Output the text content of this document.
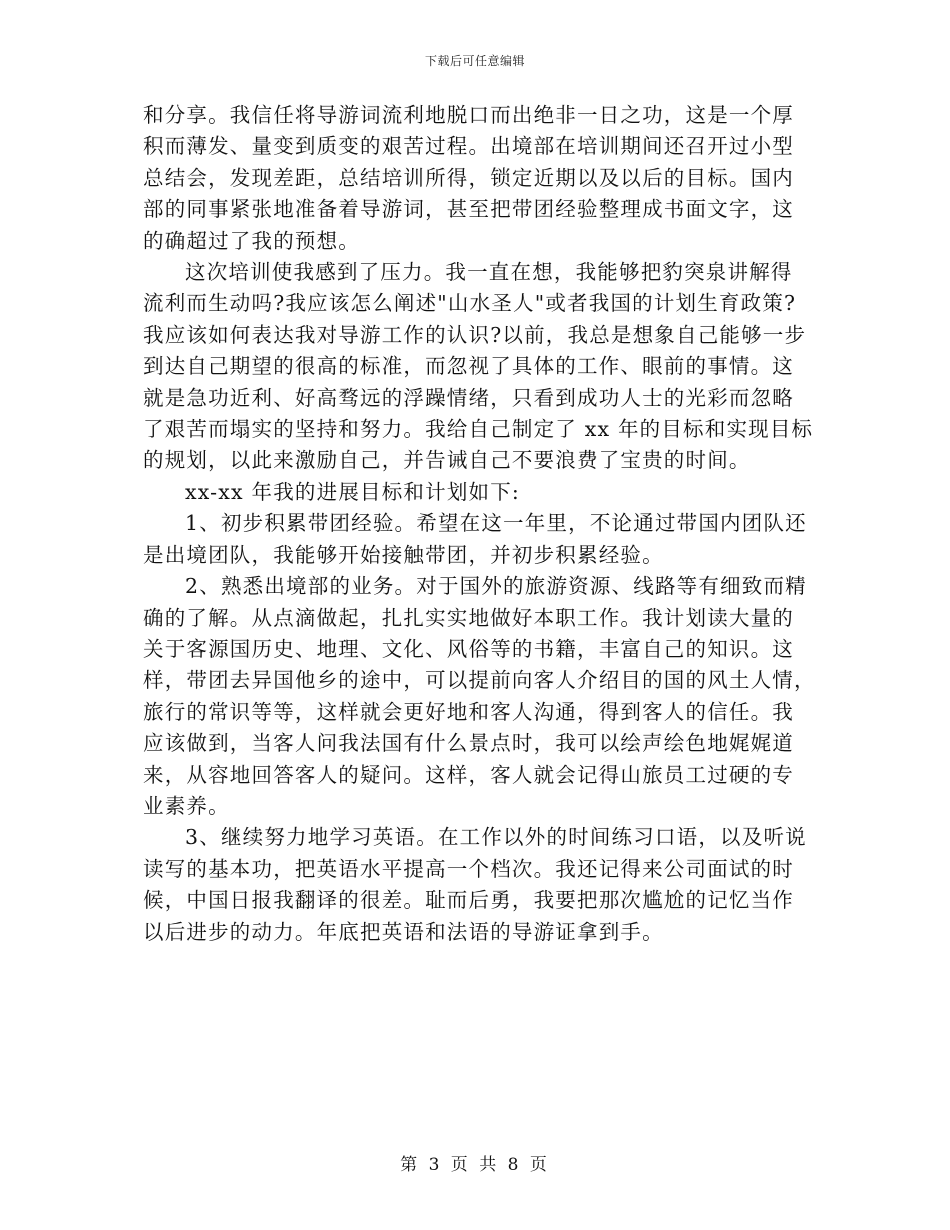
下载后可任意编辑
和分享。我信任将导游词流利地脱口而出绝非一日之功，这是一个厚
积而薄发、量变到质变的艰苦过程。出境部在培训期间还召开过小型
总结会，发现差距，总结培训所得，锁定近期以及以后的目标。国内
部的同事紧张地准备着导游词，甚至把带团经验整理成书面文字，这
的确超过了我的预想。
这次培训使我感到了压力。我一直在想，我能够把豹突泉讲解得
流利而生动吗?我应该怎么阐述"山水圣人"或者我国的计划生育政策?
我应该如何表达我对导游工作的认识?以前，我总是想象自己能够一步
到达自己期望的很高的标准，而忽视了具体的工作、眼前的事情。这
就是急功近利、好高骛远的浮躁情绪，只看到成功人士的光彩而忽略
了艰苦而塌实的坚持和努力。我给自己制定了 xx 年的目标和实现目标
的规划，以此来激励自己，并告诫自己不要浪费了宝贵的时间。
xx-xx 年我的进展目标和计划如下:
1、初步积累带团经验。希望在这一年里，不论通过带国内团队还
是出境团队，我能够开始接触带团，并初步积累经验。
2、熟悉出境部的业务。对于国外的旅游资源、线路等有细致而精
确的了解。从点滴做起，扎扎实实地做好本职工作。我计划读大量的
关于客源国历史、地理、文化、风俗等的书籍，丰富自己的知识。这
样，带团去异国他乡的途中，可以提前向客人介绍目的国的风土人情，
旅行的常识等等，这样就会更好地和客人沟通，得到客人的信任。我
应该做到，当客人问我法国有什么景点时，我可以绘声绘色地娓娓道
来，从容地回答客人的疑问。这样，客人就会记得山旅员工过硬的专
业素养。
3、继续努力地学习英语。在工作以外的时间练习口语，以及听说
读写的基本功，把英语水平提高一个档次。我还记得来公司面试的时
候，中国日报我翻译的很差。耻而后勇，我要把那次尴尬的记忆当作
以后进步的动力。年底把英语和法语的导游证拿到手。
第 3 页 共 8 页
